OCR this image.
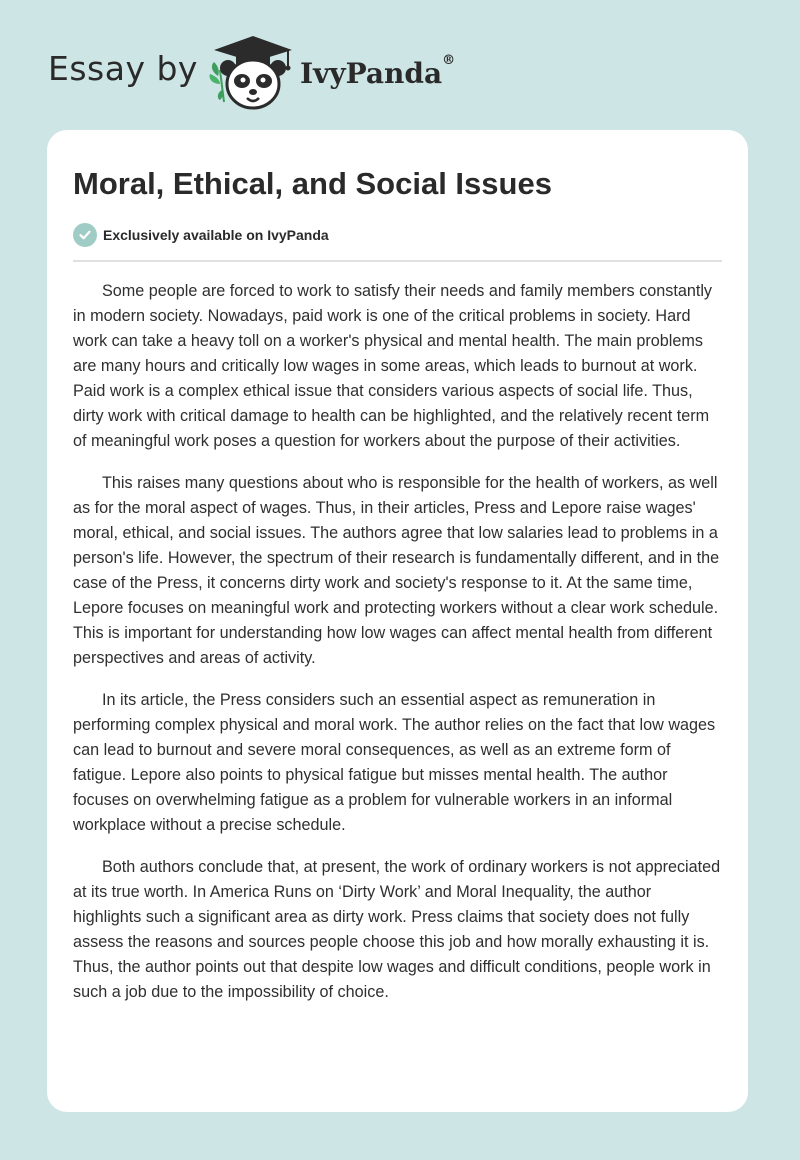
Essay by	IvyPanda®
Moral, Ethical, and Social Issues
Exclusively available on IvyPanda

Some people are forced to work to satisfy their needs and family members constantly in modern society. Nowadays, paid work is one of the critical problems in society. Hard work can take a heavy toll on a worker's physical and mental health. The main problems are many hours and critically low wages in some areas, which leads to burnout at work. Paid work is a complex ethical issue that considers various aspects of social life. Thus, dirty work with critical damage to health can be highlighted, and the relatively recent term of meaningful work poses a question for workers about the purpose of their activities.

This raises many questions about who is responsible for the health of workers, as well as for the moral aspect of wages. Thus, in their articles, Press and Lepore raise wages' moral, ethical, and social issues. The authors agree that low salaries lead to problems in a person's life. However, the spectrum of their research is fundamentally different, and in the case of the Press, it concerns dirty work and society's response to it. At the same time, Lepore focuses on meaningful work and protecting workers without a clear work schedule. This is important for understanding how low wages can affect mental health from different perspectives and areas of activity.

In its article, the Press considers such an essential aspect as remuneration in performing complex physical and moral work. The author relies on the fact that low wages can lead to burnout and severe moral consequences, as well as an extreme form of fatigue. Lepore also points to physical fatigue but misses mental health. The author focuses on overwhelming fatigue as a problem for vulnerable workers in an informal workplace without a precise schedule.

Both authors conclude that, at present, the work of ordinary workers is not appreciated at its true worth. In America Runs on ‘Dirty Work’ and Moral Inequality, the author highlights such a significant area as dirty work. Press claims that society does not fully assess the reasons and sources people choose this job and how morally exhausting it is. Thus, the author points out that despite low wages and difficult conditions, people work in such a job due to the impossibility of choice.
